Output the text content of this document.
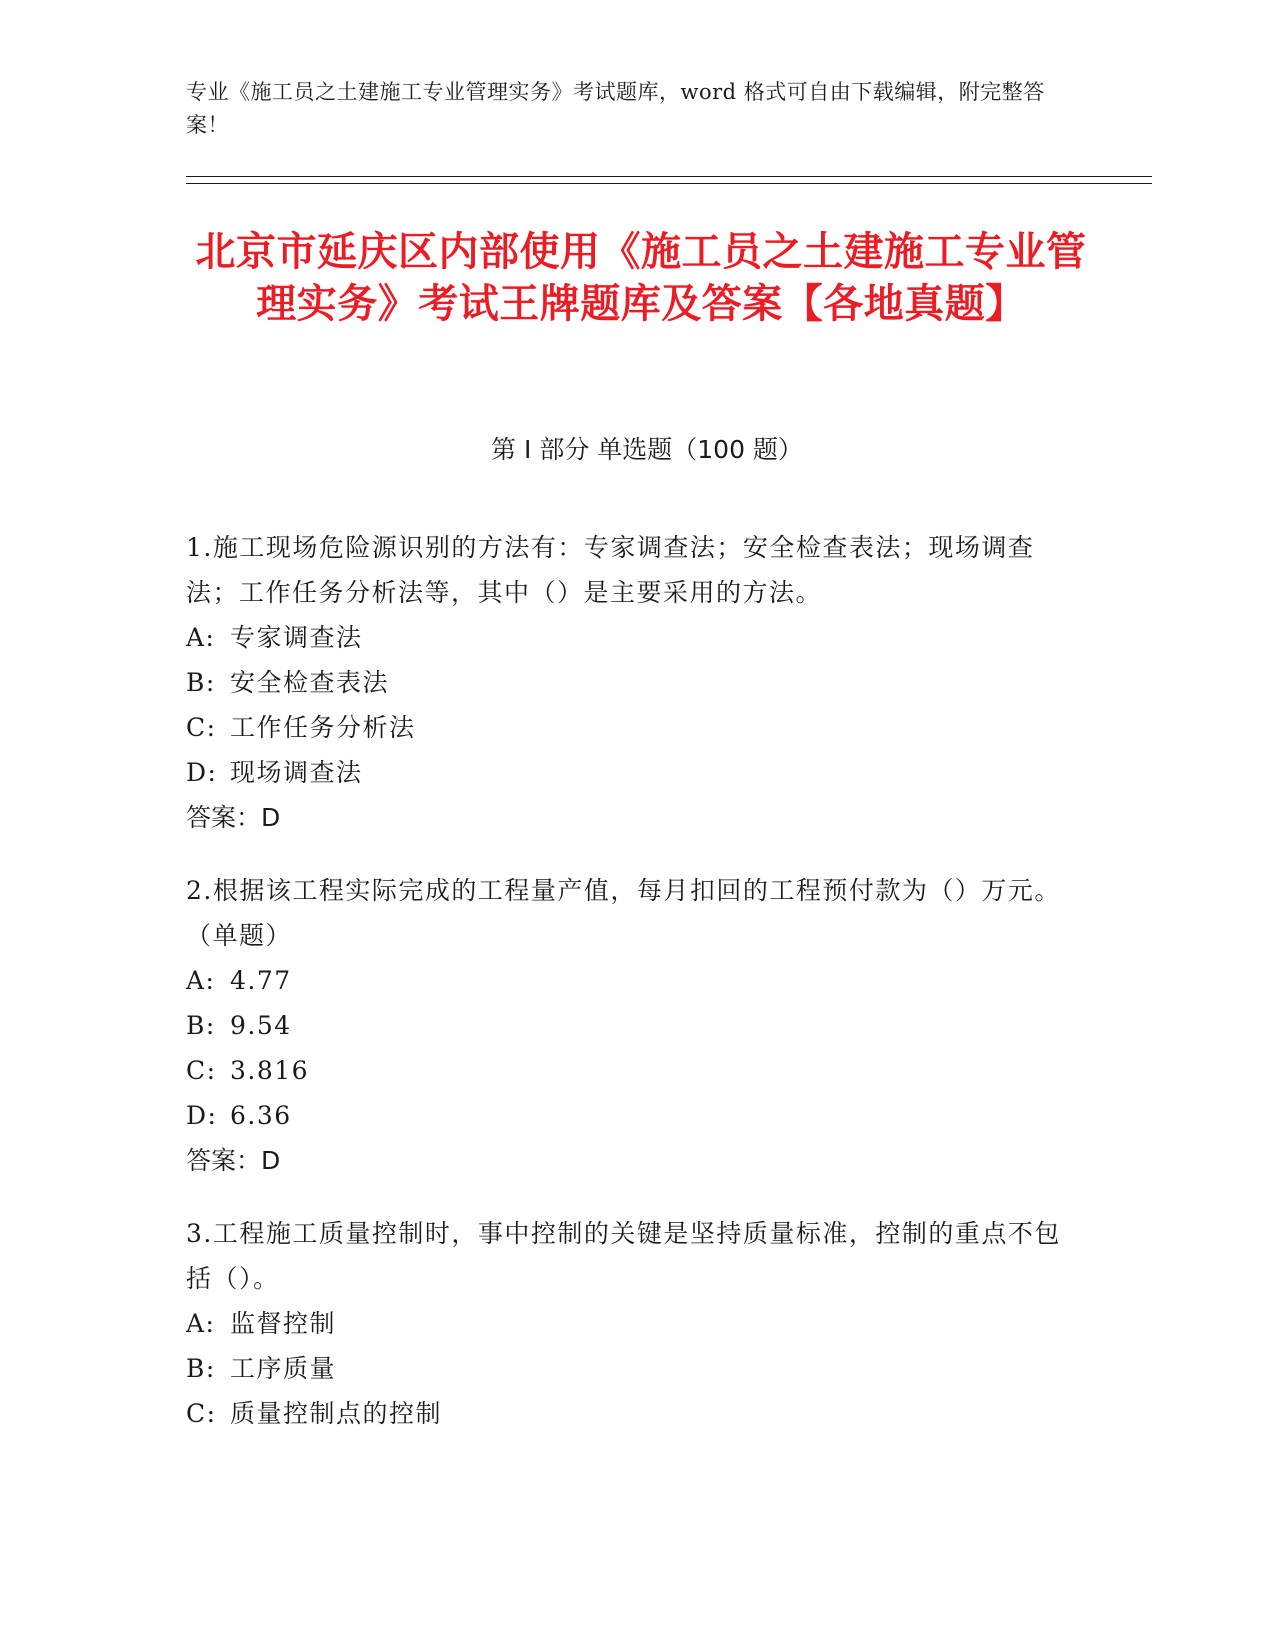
专业《施工员之土建施工专业管理实务》考试题库，word 格式可自由下载编辑，附完整答案！
北京市延庆区内部使用《施工员之土建施工专业管理实务》考试王牌题库及答案【各地真题】
第 I 部分 单选题（100 题）
1.施工现场危险源识别的方法有：专家调查法；安全检查表法；现场调查法；工作任务分析法等，其中（）是主要采用的方法。
A: 专家调查法
B: 安全检查表法
C: 工作任务分析法
D: 现场调查法
答案：D
2.根据该工程实际完成的工程量产值，每月扣回的工程预付款为（）万元。（单题）
A: 4.77
B: 9.54
C: 3.816
D: 6.36
答案：D
3.工程施工质量控制时，事中控制的关键是坚持质量标准，控制的重点不包括（）。
A: 监督控制
B: 工序质量
C: 质量控制点的控制
